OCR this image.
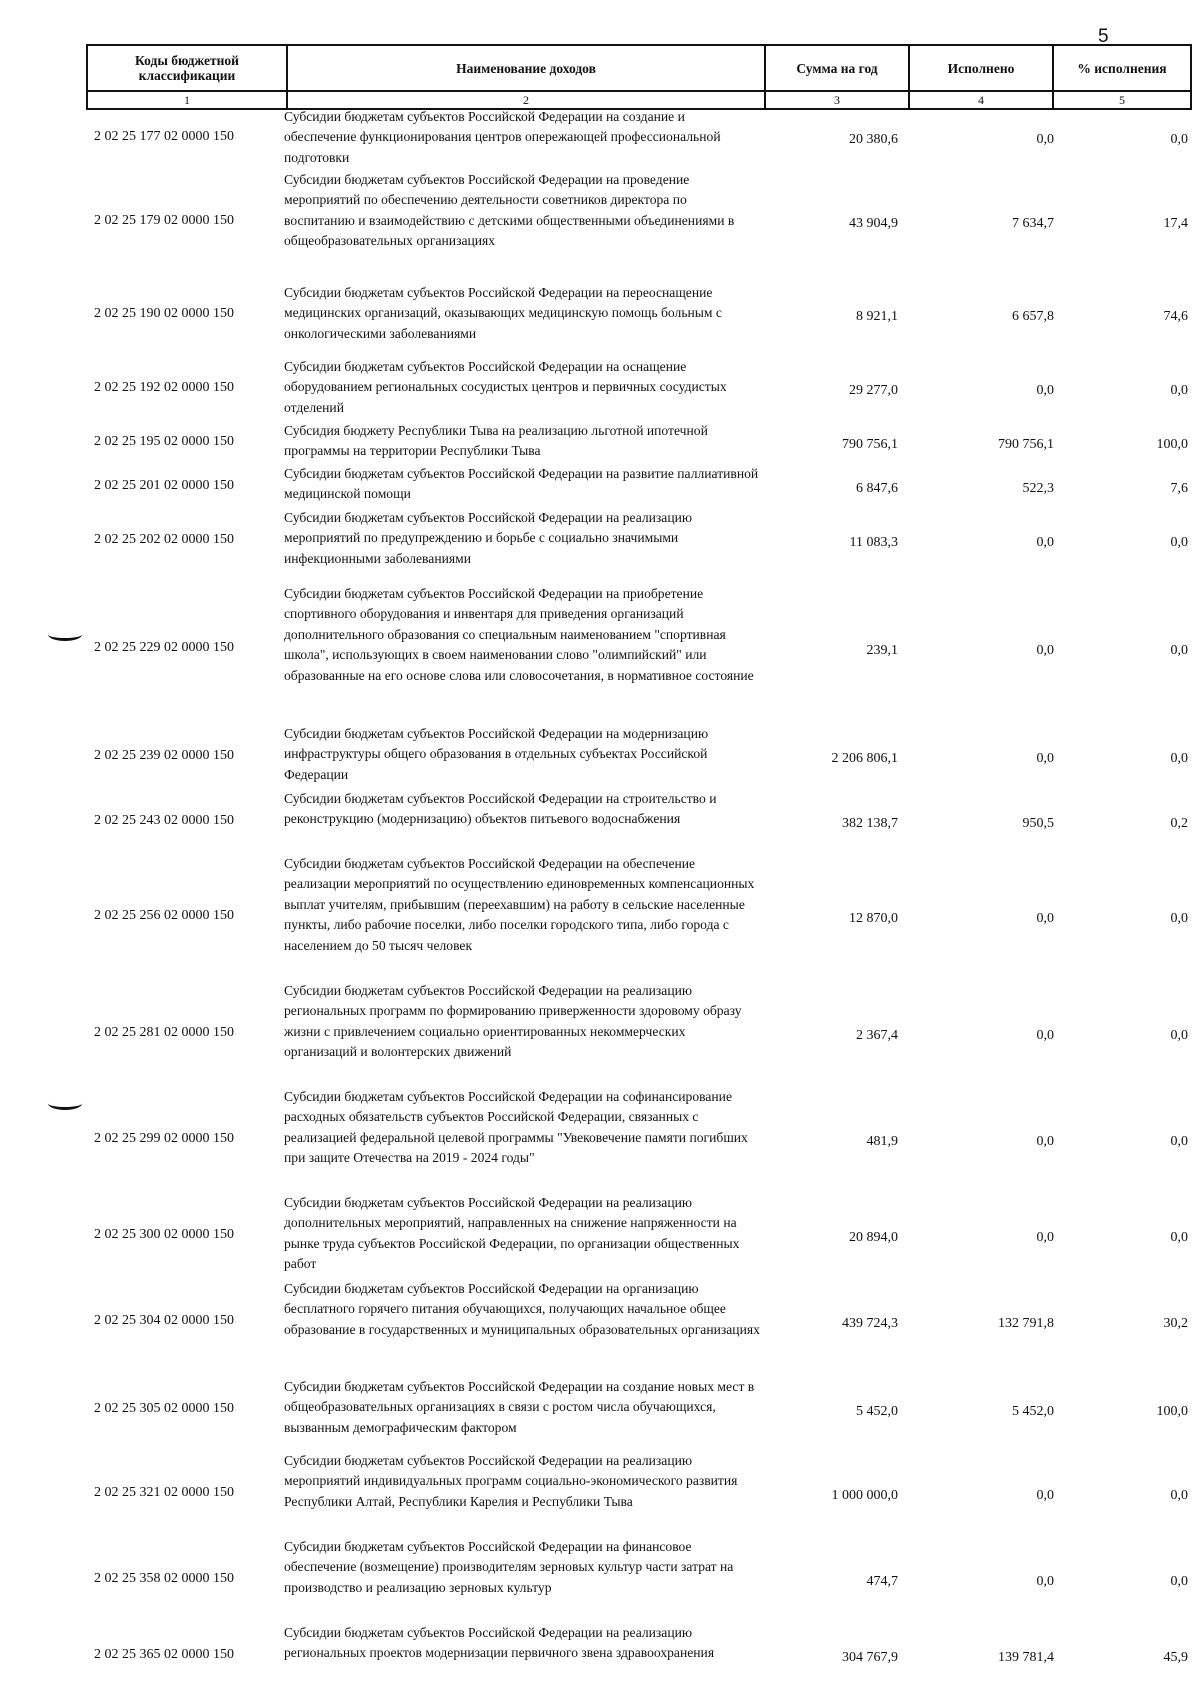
5
Коды бюджетной классификации	Наименование доходов	Сумма на год	Исполнено	% исполнения
1	2	3	4	5
2 02 25 177 02 0000 150
Субсидии бюджетам субъектов Российской Федерации на создание и обеспечение функционирования центров опережающей профессиональной подготовки
20 380,6	0,0	0,0
2 02 25 179 02 0000 150
Субсидии бюджетам субъектов Российской Федерации на проведение мероприятий по обеспечению деятельности советников директора по воспитанию и взаимодействию с детскими общественными объединениями в общеобразовательных организациях
43 904,9	7 634,7	17,4
2 02 25 190 02 0000 150
Субсидии бюджетам субъектов Российской Федерации на переоснащение медицинских организаций, оказывающих медицинскую помощь больным с онкологическими заболеваниями
8 921,1	6 657,8	74,6
2 02 25 192 02 0000 150
Субсидии бюджетам субъектов Российской Федерации на оснащение оборудованием региональных сосудистых центров и первичных сосудистых отделений
29 277,0	0,0	0,0
2 02 25 195 02 0000 150
Субсидия бюджету Республики Тыва на реализацию льготной ипотечной программы на территории Республики Тыва	790 756,1	790 756,1	100,0
2 02 25 201 02 0000 150
Субсидии бюджетам субъектов Российской Федерации на развитие паллиативной медицинской помощи	6 847,6	522,3	7,6
2 02 25 202 02 0000 150
Субсидии бюджетам субъектов Российской Федерации на реализацию мероприятий по предупреждению и борьбе с социально значимыми инфекционными заболеваниями
11 083,3	0,0	0,0
2 02 25 229 02 0000 150
Субсидии бюджетам субъектов Российской Федерации на приобретение спортивного оборудования и инвентаря для приведения организаций дополнительного образования со специальным наименованием "спортивная школа", использующих в своем наименовании слово "олимпийский" или образованные на его основе слова или словосочетания, в нормативное состояние
239,1	0,0	0,0
2 02 25 239 02 0000 150
Субсидии бюджетам субъектов Российской Федерации на модернизацию инфраструктуры общего образования в отдельных субъектах Российской Федерации
2 206 806,1	0,0	0,0
2 02 25 243 02 0000 150
Субсидии бюджетам субъектов Российской Федерации на строительство и реконструкцию (модернизацию) объектов питьевого водоснабжения	382 138,7	950,5	0,2
2 02 25 256 02 0000 150
Субсидии бюджетам субъектов Российской Федерации на обеспечение реализации мероприятий по осуществлению единовременных компенсационных выплат учителям, прибывшим (переехавшим) на работу в сельские населенные пункты, либо рабочие поселки, либо поселки городского типа, либо города с населением до 50 тысяч человек
12 870,0	0,0	0,0
2 02 25 281 02 0000 150
Субсидии бюджетам субъектов Российской Федерации на реализацию региональных программ по формированию приверженности здоровому образу жизни с привлечением социально ориентированных некоммерческих организаций и волонтерских движений
2 367,4	0,0	0,0
2 02 25 299 02 0000 150
Субсидии бюджетам субъектов Российской Федерации на софинансирование расходных обязательств субъектов Российской Федерации, связанных с реализацией федеральной целевой программы "Увековечение памяти погибших при защите Отечества на 2019 - 2024 годы"
481,9	0,0	0,0
2 02 25 300 02 0000 150
Субсидии бюджетам субъектов Российской Федерации на реализацию дополнительных мероприятий, направленных на снижение напряженности на рынке труда субъектов Российской Федерации, по организации общественных работ
20 894,0	0,0	0,0
2 02 25 304 02 0000 150
Субсидии бюджетам субъектов Российской Федерации на организацию бесплатного горячего питания обучающихся, получающих начальное общее образование в государственных и муниципальных образовательных организациях	439 724,3	132 791,8	30,2
2 02 25 305 02 0000 150
Субсидии бюджетам субъектов Российской Федерации на создание новых мест в общеобразовательных организациях в связи с ростом числа обучающихся, вызванным демографическим фактором
5 452,0	5 452,0	100,0
2 02 25 321 02 0000 150
Субсидии бюджетам субъектов Российской Федерации на реализацию мероприятий индивидуальных программ социально-экономического развития Республики Алтай, Республики Карелия и Республики Тыва	1 000 000,0	0,0	0,0
2 02 25 358 02 0000 150
Субсидии бюджетам субъектов Российской Федерации на финансовое обеспечение (возмещение) производителям зерновых культур части затрат на производство и реализацию зерновых культур	474,7	0,0	0,0
2 02 25 365 02 0000 150
Субсидии бюджетам субъектов Российской Федерации на реализацию региональных проектов модернизации первичного звена здравоохранения	304 767,9	139 781,4	45,9
